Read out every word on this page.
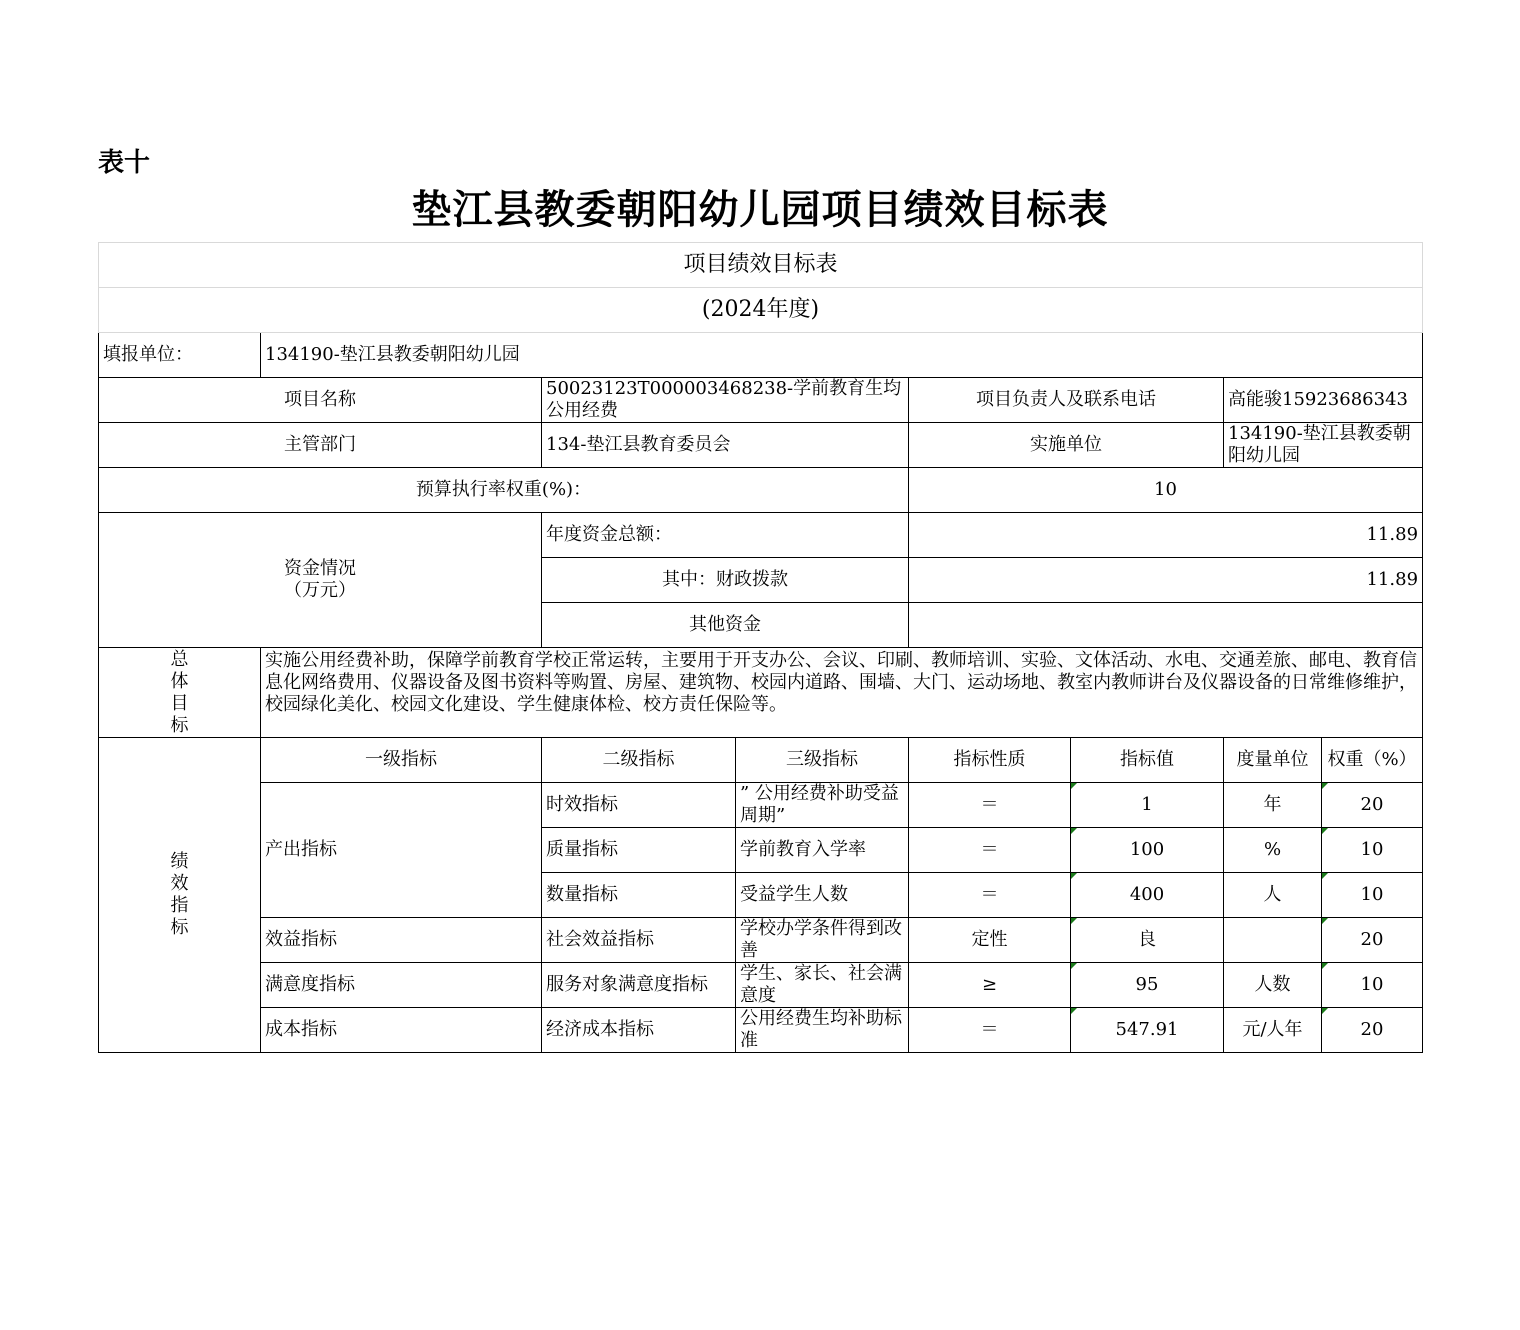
表十
垫江县教委朝阳幼儿园项目绩效目标表
项目绩效目标表							
(2024年度)							
填报单位：	134190-垫江县教委朝阳幼儿园						
项目名称		50023123T000003468238-学前教育生均公用经费		项目负责人及联系电话		高能骏15923686343	
主管部门		134-垫江县教育委员会		实施单位		134190-垫江县教委朝阳幼儿园	
预算执行率权重(%)：				10			

资金情况
（万元）		年度资金总额：		11.89			
		其中：财政拨款		11.89			
		其他资金					

总
体
目
标	实施公用经费补助，保障学前教育学校正常运转，主要用于开支办公、会议、印刷、教师培训、实验、文体活动、水电、交通差旅、邮电、教育信息化网络费用、仪器设备及图书资料等购置、房屋、建筑物、校园内道路、围墙、大门、运动场地、教室内教师讲台及仪器设备的日常维修维护，校园绿化美化、校园文化建设、学生健康体检、校方责任保险等。						

绩
效
指
标	一级指标	二级指标	三级指标	指标性质	指标值	度量单位	权重（%）
	产出指标	时效指标	” 公用经费补助受益周期”	＝	1	年	20
		质量指标	学前教育入学率	＝	100	%	10
		数量指标	受益学生人数	＝	400	人	10
	效益指标	社会效益指标	学校办学条件得到改善	定性	良		20
	满意度指标	服务对象满意度指标	学生、家长、社会满意度	≥	95	人数	10
	成本指标	经济成本指标	公用经费生均补助标准	＝	547.91	元/人年	20
